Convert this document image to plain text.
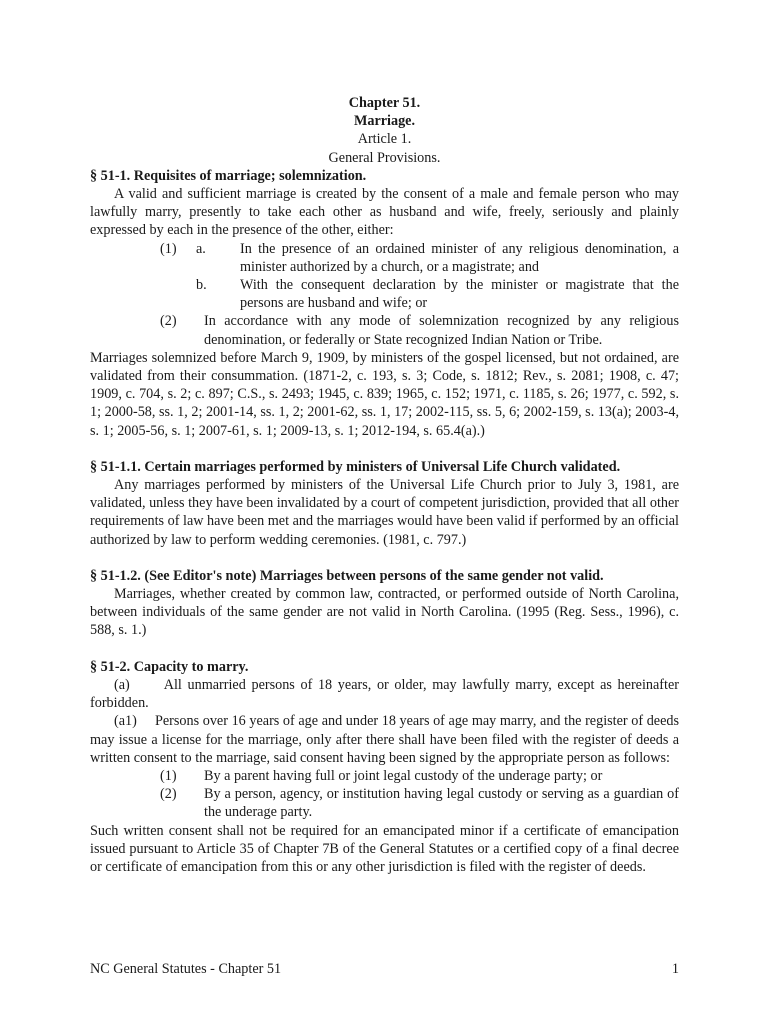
Chapter 51.
Marriage.
Article 1.
General Provisions.

§ 51-1. Requisites of marriage; solemnization.

A valid and sufficient marriage is created by the consent of a male and female person who may lawfully marry, presently to take each other as husband and wife, freely, seriously and plainly expressed by each in the presence of the other, either:

(1)	a.	In the presence of an ordained minister of any religious denomination, a minister authorized by a church, or a magistrate; and
b.	With the consequent declaration by the minister or magistrate that the persons are husband and wife; or
(2)	In accordance with any mode of solemnization recognized by any religious denomination, or federally or State recognized Indian Nation or Tribe.

Marriages solemnized before March 9, 1909, by ministers of the gospel licensed, but not ordained, are validated from their consummation. (1871-2, c. 193, s. 3; Code, s. 1812; Rev., s. 2081; 1908, c. 47; 1909, c. 704, s. 2; c. 897; C.S., s. 2493; 1945, c. 839; 1965, c. 152; 1971, c. 1185, s. 26; 1977, c. 592, s. 1; 2000-58, ss. 1, 2; 2001-14, ss. 1, 2; 2001-62, ss. 1, 17; 2002-115, ss. 5, 6; 2002-159, s. 13(a); 2003-4, s. 1; 2005-56, s. 1; 2007-61, s. 1; 2009-13, s. 1; 2012-194, s. 65.4(a).)

§ 51-1.1. Certain marriages performed by ministers of Universal Life Church validated.

Any marriages performed by ministers of the Universal Life Church prior to July 3, 1981, are validated, unless they have been invalidated by a court of competent jurisdiction, provided that all other requirements of law have been met and the marriages would have been valid if performed by an official authorized by law to perform wedding ceremonies. (1981, c. 797.)

§ 51-1.2. (See Editor's note) Marriages between persons of the same gender not valid.

Marriages, whether created by common law, contracted, or performed outside of North Carolina, between individuals of the same gender are not valid in North Carolina. (1995 (Reg. Sess., 1996), c. 588, s. 1.)

§ 51-2. Capacity to marry.

(a) All unmarried persons of 18 years, or older, may lawfully marry, except as hereinafter forbidden.

(a1) Persons over 16 years of age and under 18 years of age may marry, and the register of deeds may issue a license for the marriage, only after there shall have been filed with the register of deeds a written consent to the marriage, said consent having been signed by the appropriate person as follows:

(1)	By a parent having full or joint legal custody of the underage party; or
(2)	By a person, agency, or institution having legal custody or serving as a guardian of the underage party.

Such written consent shall not be required for an emancipated minor if a certificate of emancipation issued pursuant to Article 35 of Chapter 7B of the General Statutes or a certified copy of a final decree or certificate of emancipation from this or any other jurisdiction is filed with the register of deeds.

NC General Statutes - Chapter 51	1
